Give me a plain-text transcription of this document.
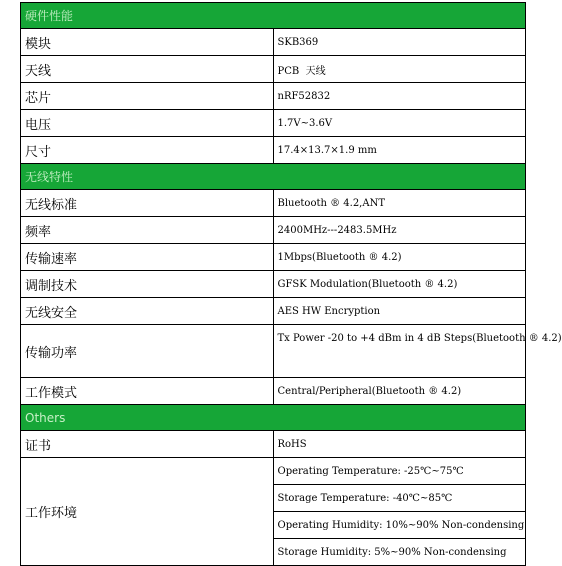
硬件性能	
模块	SKB369
天线	PCB  天线
芯片	nRF52832
电压	1.7V~3.6V
尺寸	17.4×13.7×1.9 mm
无线特性	
无线标准	Bluetooth ® 4.2,ANT
频率	2400MHz---2483.5MHz
传输速率	1Mbps(Bluetooth ® 4.2)
调制技术	GFSK Modulation(Bluetooth ® 4.2)
无线安全	AES HW Encryption
传输功率	Tx Power -20 to +4 dBm in 4 dB Steps(Bluetooth ® 4.2)
工作模式	Central/Peripheral(Bluetooth ® 4.2)
Others	
证书	RoHS
工作环境	Operating Temperature: -25℃~75℃
	Storage Temperature: -40℃~85℃
	Operating Humidity: 10%~90% Non-condensing
	Storage Humidity: 5%~90% Non-condensing
